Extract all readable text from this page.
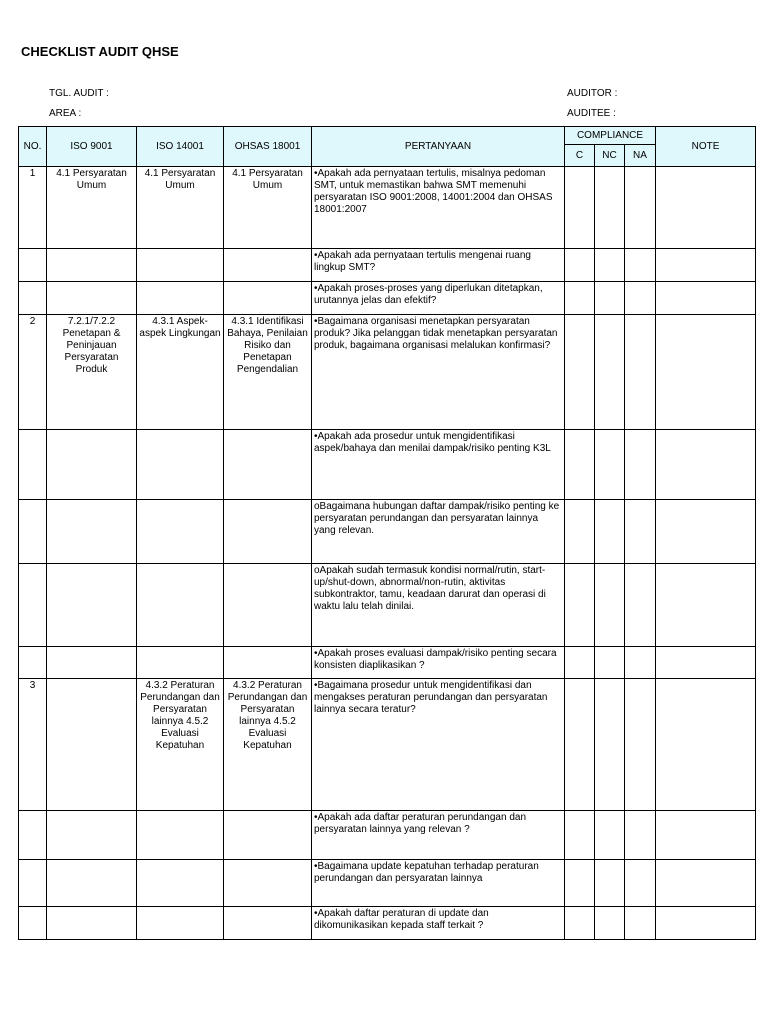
CHECKLIST AUDIT QHSE
TGL. AUDIT :
AREA :
AUDITOR :
AUDITEE :
NO.	ISO 9001	ISO 14001	OHSAS 18001	PERTANYAAN	COMPLIANCE			NOTE
					C	NC	NA	
1	4.1 Persyaratan Umum	4.1 Persyaratan Umum	4.1 Persyaratan Umum	•Apakah ada pernyataan tertulis, misalnya pedoman SMT, untuk memastikan bahwa SMT memenuhi persyaratan ISO 9001:2008, 14001:2004 dan OHSAS 18001:2007				
				•Apakah ada pernyataan tertulis mengenai ruang lingkup SMT?				
				•Apakah proses-proses yang diperlukan ditetapkan, urutannya jelas dan efektif?				
2	7.2.1/7.2.2 Penetapan & Peninjauan Persyaratan Produk	4.3.1 Aspek-aspek Lingkungan	4.3.1 Identifikasi Bahaya, Penilaian Risiko dan Penetapan Pengendalian	•Bagaimana organisasi menetapkan persyaratan produk? Jika pelanggan tidak menetapkan persyaratan produk, bagaimana organisasi melalukan konfirmasi?				
				•Apakah ada prosedur untuk mengidentifikasi aspek/bahaya dan menilai dampak/risiko penting K3L				
				oBagaimana hubungan daftar dampak/risiko penting ke persyaratan perundangan dan persyaratan lainnya yang relevan.				
				oApakah sudah termasuk kondisi normal/rutin, start-up/shut-down, abnormal/non-rutin, aktivitas subkontraktor, tamu, keadaan darurat dan operasi di waktu lalu telah dinilai.				
				•Apakah proses evaluasi dampak/risiko penting secara konsisten diaplikasikan ?				
3		4.3.2 Peraturan Perundangan dan Persyaratan lainnya 4.5.2 Evaluasi Kepatuhan	4.3.2 Peraturan Perundangan dan Persyaratan lainnya 4.5.2 Evaluasi Kepatuhan	•Bagaimana prosedur untuk mengidentifikasi dan mengakses peraturan perundangan dan persyaratan lainnya secara teratur?				
				•Apakah ada daftar peraturan perundangan dan persyaratan lainnya yang relevan ?				
				•Bagaimana update kepatuhan terhadap peraturan perundangan dan persyaratan lainnya				
				•Apakah daftar peraturan di update dan dikomunikasikan kepada staff terkait ?				
